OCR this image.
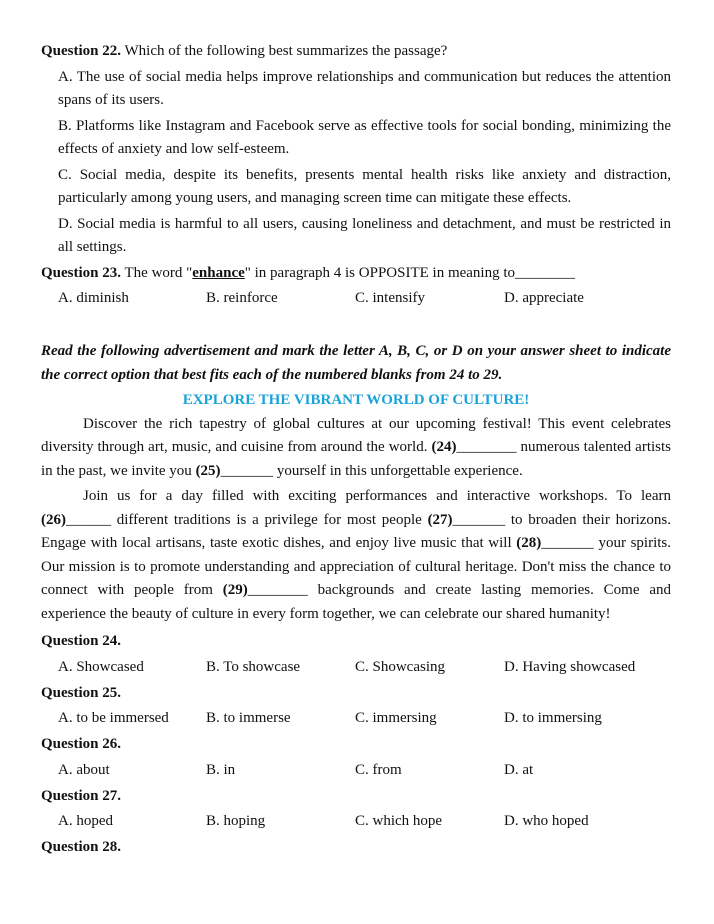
Question 22. Which of the following best summarizes the passage?

A. The use of social media helps improve relationships and communication but reduces the attention spans of its users.

B. Platforms like Instagram and Facebook serve as effective tools for social bonding, minimizing the effects of anxiety and low self-esteem.

C. Social media, despite its benefits, presents mental health risks like anxiety and distraction, particularly among young users, and managing screen time can mitigate these effects.

D. Social media is harmful to all users, causing loneliness and detachment, and must be restricted in all settings.

Question 23. The word "enhance" in paragraph 4 is OPPOSITE in meaning to________

A. diminish	B. reinforce	C. intensify	D. appreciate

Read the following advertisement and mark the letter A, B, C, or D on your answer sheet to indicate the correct option that best fits each of the numbered blanks from 24 to 29.

EXPLORE THE VIBRANT WORLD OF CULTURE!

Discover the rich tapestry of global cultures at our upcoming festival! This event celebrates diversity through art, music, and cuisine from around the world. (24)________ numerous talented artists in the past, we invite you (25)_______ yourself in this unforgettable experience.

Join us for a day filled with exciting performances and interactive workshops. To learn (26)______ different traditions is a privilege for most people (27)_______ to broaden their horizons. Engage with local artisans, taste exotic dishes, and enjoy live music that will (28)_______ your spirits. Our mission is to promote understanding and appreciation of cultural heritage. Don't miss the chance to connect with people from (29)________ backgrounds and create lasting memories. Come and experience the beauty of culture in every form together, we can celebrate our shared humanity!

Question 24.

A. Showcased	B. To showcase	C. Showcasing	D. Having showcased

Question 25.

A. to be immersed	B. to immerse	C. immersing	D. to immersing

Question 26.

A. about	B. in	C. from	D. at

Question 27.

A. hoped	B. hoping	C. which hope	D. who hoped

Question 28.
